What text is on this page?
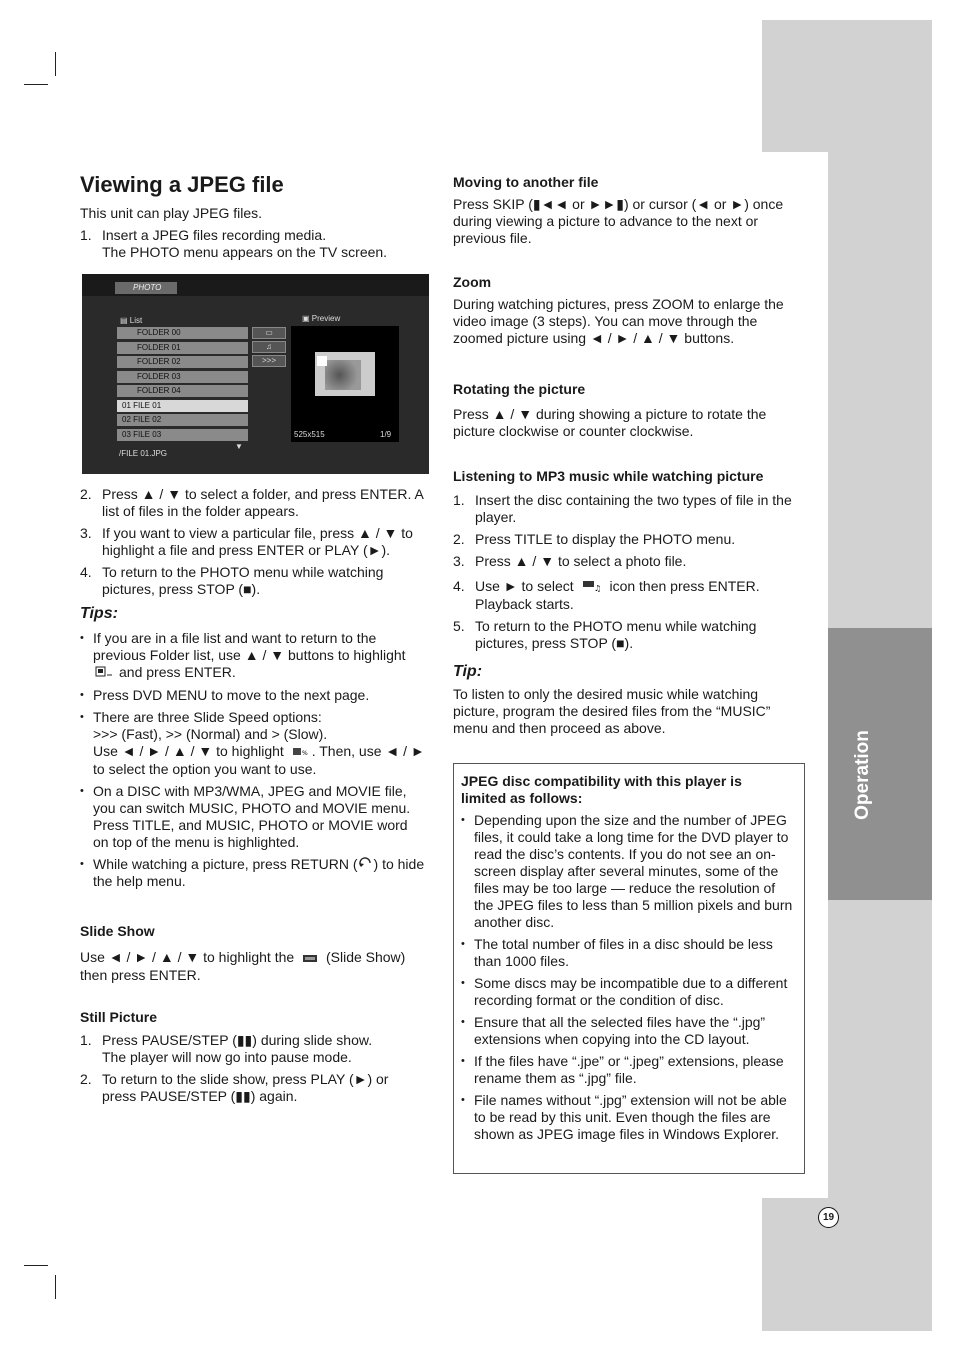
Operation
19
Viewing a JPEG file

This unit can play JPEG files.

1. Insert a JPEG files recording media.
The PHOTO menu appears on the TV screen.
PHOTO
▤ List	▣ Preview
FOLDER 00
FOLDER 01
FOLDER 02
FOLDER 03
FOLDER 04
01 FILE 01
02 FILE 02
03 FILE 03
▼
▭
♫
>>>
525x515	1/9
/FILE 01.JPG
2. Press ▲ / ▼ to select a folder, and press ENTER. A list of files in the folder appears.
3. If you want to view a particular file, press ▲ / ▼ to highlight a file and press ENTER or PLAY (►).
4. To return to the PHOTO menu while watching pictures, press STOP (■).

Tips:

• If you are in a file list and want to return to the previous Folder list, use ▲ / ▼ buttons to highlight
and press ENTER.
• Press DVD MENU to move to the next page.
• There are three Slide Speed options:
>>> (Fast), >> (Normal) and > (Slow).
Use ◄ / ► / ▲ / ▼ to highlight	% . Then, use ◄ / ►
to select the option you want to use.
• On a DISC with MP3/WMA, JPEG and MOVIE file, you can switch MUSIC, PHOTO and MOVIE menu. Press TITLE, and MUSIC, PHOTO or MOVIE word on top of the menu is highlighted.
• While watching a picture, press RETURN ( ) to hide the help menu.

Slide Show

Use ◄ / ► / ▲ / ▼ to highlight the (Slide Show)
then press ENTER.

Still Picture

1. Press PAUSE/STEP (▮▮) during slide show.
The player will now go into pause mode.
2. To return to the slide show, press PLAY (►) or press PAUSE/STEP (▮▮) again.

Moving to another file

Press SKIP (▮◄◄ or ►►▮) or cursor (◄ or ►) once during viewing a picture to advance to the next or previous file.

Zoom

During watching pictures, press ZOOM to enlarge the video image (3 steps). You can move through the zoomed picture using ◄ / ► / ▲ / ▼ buttons.

Rotating the picture

Press ▲ / ▼ during showing a picture to rotate the picture clockwise or counter clockwise.

Listening to MP3 music while watching picture

1. Insert the disc containing the two types of file in the player.
2. Press TITLE to display the PHOTO menu.
3. Press ▲ / ▼ to select a photo file.
4. Use ► to select ♫ icon then press ENTER.
Playback starts.
5. To return to the PHOTO menu while watching pictures, press STOP (■).

Tip:

To listen to only the desired music while watching picture, program the desired files from the “MUSIC” menu and then proceed as above.

JPEG disc compatibility with this player is limited as follows:

• Depending upon the size and the number of JPEG files, it could take a long time for the DVD player to read the disc’s contents. If you do not see an on-screen display after several minutes, some of the files may be too large — reduce the resolution of the JPEG files to less than 5 million pixels and burn another disc.
• The total number of files in a disc should be less than 1000 files.
• Some discs may be incompatible due to a different recording format or the condition of disc.
• Ensure that all the selected files have the “.jpg” extensions when copying into the CD layout.
• If the files have “.jpe” or “.jpeg” extensions, please rename them as “.jpg” file.
• File names without “.jpg” extension will not be able to be read by this unit. Even though the files are shown as JPEG image files in Windows Explorer.
